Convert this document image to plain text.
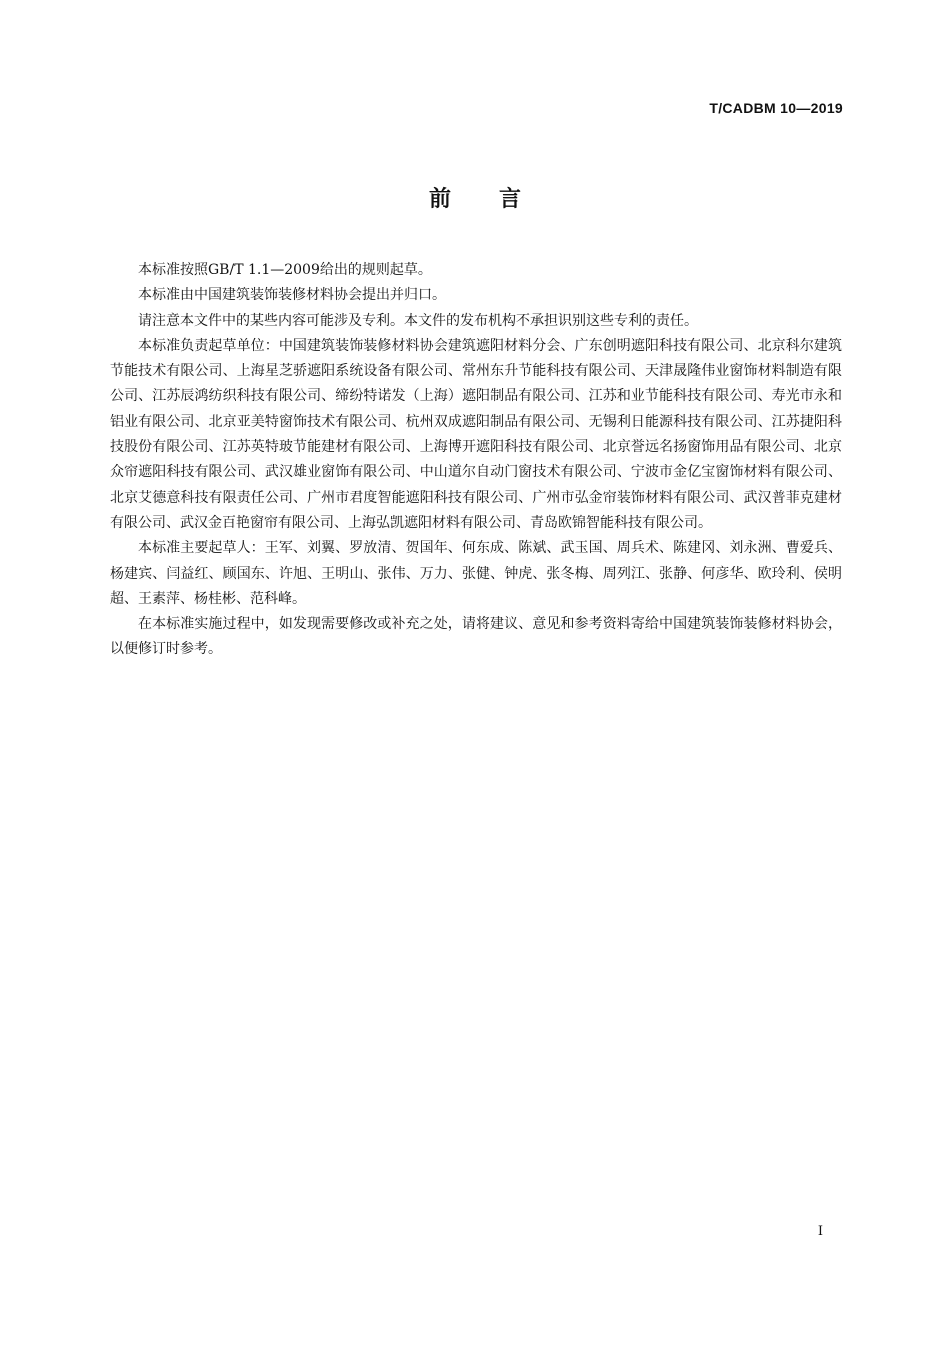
T/CADBM 10—2019
前言

本标准按照GB/T 1.1—2009给出的规则起草。

本标准由中国建筑装饰装修材料协会提出并归口。

请注意本文件中的某些内容可能涉及专利。本文件的发布机构不承担识别这些专利的责任。

本标准负责起草单位：中国建筑装饰装修材料协会建筑遮阳材料分会、广东创明遮阳科技有限公司、北京科尔建筑节能技术有限公司、上海星芝骄遮阳系统设备有限公司、常州东升节能科技有限公司、天津晟隆伟业窗饰材料制造有限公司、江苏辰鸿纺织科技有限公司、缔纷特诺发（上海）遮阳制品有限公司、江苏和业节能科技有限公司、寿光市永和铝业有限公司、北京亚美特窗饰技术有限公司、杭州双成遮阳制品有限公司、无锡利日能源科技有限公司、江苏捷阳科技股份有限公司、江苏英特玻节能建材有限公司、上海博开遮阳科技有限公司、北京誉远名扬窗饰用品有限公司、北京众帘遮阳科技有限公司、武汉雄业窗饰有限公司、中山道尔自动门窗技术有限公司、宁波市金亿宝窗饰材料有限公司、北京艾德意科技有限责任公司、广州市君度智能遮阳科技有限公司、广州市弘金帘装饰材料有限公司、武汉普菲克建材有限公司、武汉金百艳窗帘有限公司、上海弘凯遮阳材料有限公司、青岛欧锦智能科技有限公司。

本标准主要起草人：王军、刘翼、罗放清、贺国年、何东成、陈斌、武玉国、周兵术、陈建冈、刘永洲、曹爱兵、杨建宾、闫益红、顾国东、许旭、王明山、张伟、万力、张健、钟虎、张冬梅、周列江、张静、何彦华、欧玲利、侯明超、王素萍、杨桂彬、范科峰。

在本标准实施过程中，如发现需要修改或补充之处，请将建议、意见和参考资料寄给中国建筑装饰装修材料协会，以便修订时参考。

I
